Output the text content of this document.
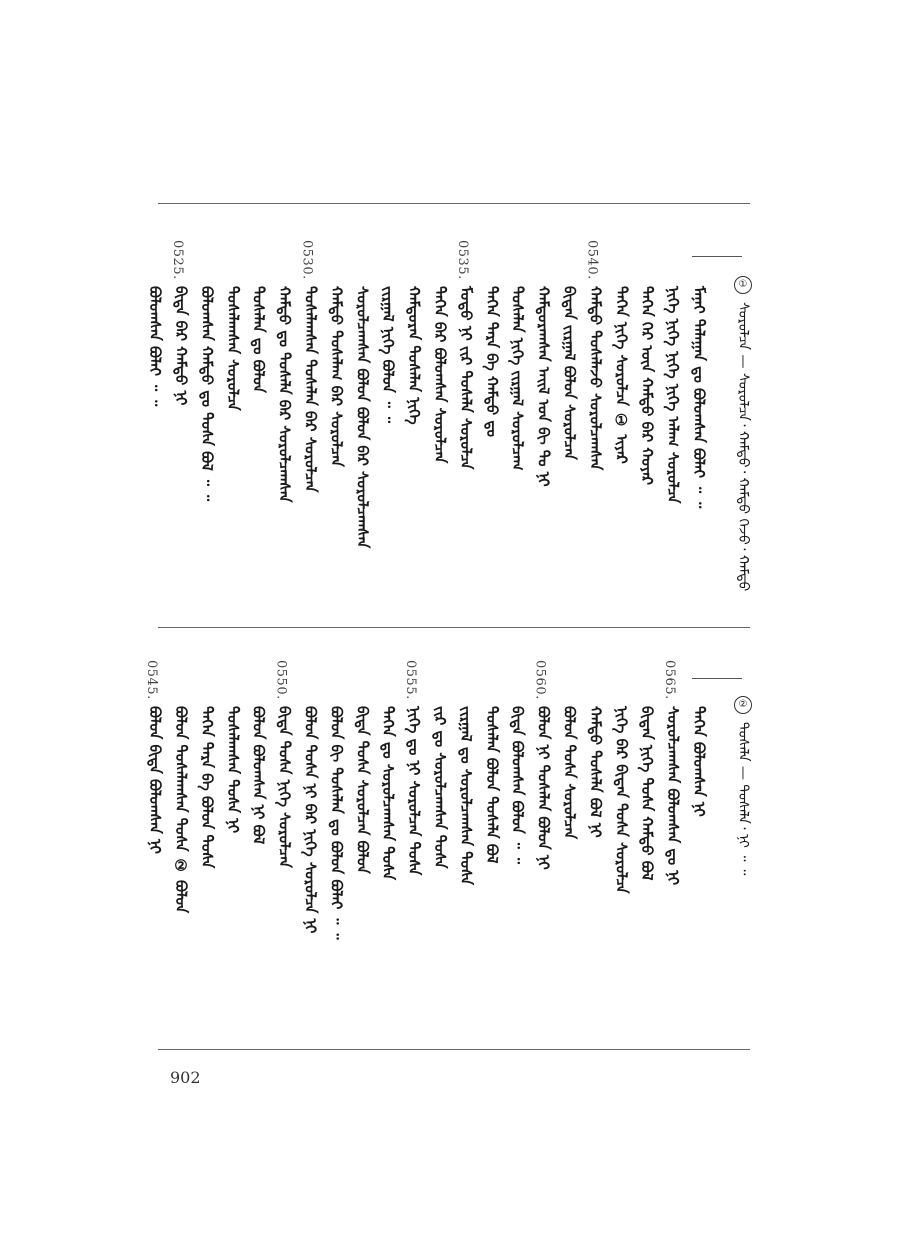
①
ᠰᠤᠷᠤᠯᠴᠠ — ᠰᠤᠷᠤᠯᠴᠠ᠂ ᠬᠠᠮᠲᠤ᠂ ᠬᠠᠮᠲᠤ ᠭᠡᠵᠦ᠂ ᠬᠠᠮᠲᠤ
ᠮᠠᠨᠠᠢ ᠲᠠᠯᠠᠭᠠᠨ ᠳᠤ ᠪᠣᠯᠤᠭᠰᠠᠨ ᠪᠣᠯᠠᠢ ᠃ ᠃
ᠨᠢᠭᠡ ᠨᠢᠭᠡ ᠨᠢᠭᠡ ᠨᠢᠭᠡ ᠠᠯᠠᠭ ᠰᠤᠷᠤᠯᠴᠠ
ᠲᠡᠭᠡᠨ ᠭᠡᠷ ᠦᠨ ᠬᠠᠮᠲᠤ ᠪᠡᠷ ᠬᠣᠶᠠᠷ
ᠲᠡᠭᠡᠨ ᠨᠢᠭᠡ ᠰᠤᠷᠤᠯᠴᠠ ① ᠢᠶᠠᠷ
0540.
ᠬᠠᠮᠲᠤ ᠲᠤᠰᠠᠯᠠᠵᠤ ᠰᠤᠷᠤᠯᠴᠠᠭᠰᠠᠨ
ᠪᠢᠳᠡᠨ ᠵᠢᠷᠭᠠᠯ ᠪᠣᠯᠤᠨ ᠰᠤᠷᠤᠯᠴᠠᠨ
ᠬᠠᠮᠲᠤᠷᠠᠭᠰᠠᠨ ᠠᠢᠯ ᠤᠨ ᠪᠢ ᠲᠤ ᠨᠢ
ᠲᠤᠰᠠᠯᠠᠨ ᠨᠢᠭᠡ ᠵᠢᠷᠭᠠᠯ ᠰᠤᠷᠤᠯᠴᠠᠭ
ᠲᠡᠭᠡᠨ ᠲᠡᠷᠡ ᠪᠡ ᠬᠠᠮᠲᠤ ᠳᠤ
0535.
ᠮᠣᠳᠤ ᠨᠢ ᠵᠢᠷ ᠲᠤᠰᠠᠯᠠ ᠰᠤᠷᠤᠯᠴᠠ
ᠲᠡᠭᠡᠨ ᠪᠡᠷ ᠪᠣᠯᠤᠭᠰᠠᠨ ᠰᠤᠷᠤᠯᠴᠠᠨ
ᠬᠠᠮᠲᠤᠷᠠᠨ ᠲᠤᠰᠠᠯᠠᠨ ᠨᠢᠭᠡ
ᠵᠢᠷᠭᠠᠯ ᠨᠢᠭᠡ ᠪᠣᠯᠤᠨ ᠃ ᠃
ᠰᠤᠷᠤᠯᠴᠠᠭᠰᠠᠨ ᠪᠣᠯᠤᠨ ᠪᠣᠯᠤᠨ ᠪᠡᠷ ᠰᠤᠷᠤᠯᠴᠠᠭᠰᠠᠨ
ᠬᠠᠮᠲᠤ ᠲᠤᠰᠠᠯᠠᠭ ᠪᠡᠷ ᠰᠤᠷᠤᠯᠴᠠᠨ
0530.
ᠲᠤᠰᠠᠯᠠᠭᠰᠠᠨ ᠲᠤᠰᠠᠯᠠᠨ ᠪᠡᠷ ᠰᠤᠷᠤᠯᠴᠠᠨ
ᠬᠠᠮᠲᠤ ᠳᠤ ᠲᠤᠰᠠᠯᠠ ᠪᠡᠷ ᠰᠤᠷᠤᠯᠴᠠᠭᠰᠠᠨ
ᠲᠤᠰᠠᠯᠠᠨ ᠳᠤ ᠪᠣᠯᠤᠨ
ᠲᠤᠰᠠᠯᠠᠭᠰᠠᠨ ᠰᠤᠷᠤᠯᠴᠠ
ᠪᠣᠯᠤᠭᠰᠠᠨ ᠬᠠᠮᠲᠤ ᠳᠤ ᠲᠤᠰᠠ ᠪᠣᠯ ᠃ ᠃
0525.
ᠪᠢᠳᠡ ᠪᠡᠷ ᠬᠠᠮᠲᠤ ᠨᠢ
ᠪᠣᠯᠤᠭᠰᠠᠨ ᠪᠣᠯᠠᠢ ᠃ ᠃
②
ᠲᠤᠰᠠᠯᠠ — ᠲᠤᠰᠠᠯᠠ᠂ ᠨᠢ ᠃ ᠃
ᠲᠡᠭᠡᠨ ᠪᠣᠯᠤᠭᠰᠠᠨ ᠨᠢ
0565.
ᠰᠤᠷᠤᠯᠴᠠᠭᠰᠠᠨ ᠪᠣᠯᠤᠭᠰᠠᠨ ᠳᠤ ᠨᠢ
ᠪᠢᠳᠡᠨ ᠨᠢᠭᠡ ᠲᠤᠰᠠ ᠬᠠᠮᠲᠤ ᠪᠣᠯ
ᠨᠢᠭᠡ ᠪᠡᠷ ᠪᠢᠳᠡᠨ ᠲᠤᠰᠠ ᠰᠤᠷᠤᠯᠴᠠ
ᠬᠠᠮᠲᠤ ᠲᠤᠰᠠᠯᠠ ᠪᠣᠯ ᠨᠢ
ᠪᠣᠯᠤᠨ ᠲᠤᠰᠠ ᠰᠤᠷᠤᠯᠴᠠᠨ
0560.
ᠪᠣᠯᠤᠨ ᠨᠢ ᠲᠤᠰᠠᠯᠠᠨ ᠪᠣᠯᠤᠨ ᠨᠢ
ᠪᠢᠳᠡ ᠪᠣᠯᠤᠭᠰᠠᠨ ᠪᠣᠯᠤᠨ ᠃ ᠃
ᠲᠤᠰᠠᠯᠠᠨ ᠪᠣᠯᠤᠨ ᠲᠤᠰᠠᠯᠠ ᠪᠣᠯ
ᠵᠢᠷᠭᠠᠯ ᠳᠤ ᠰᠤᠷᠤᠯᠴᠠᠭᠰᠠᠨ ᠲᠤᠰᠠ
ᠵᠢᠷ ᠳᠤ ᠰᠤᠷᠤᠯᠴᠠᠭᠰᠠᠨ ᠲᠤᠰᠠ
0555.
ᠨᠢᠭᠡ ᠳᠤ ᠨᠢ ᠰᠤᠷᠤᠯᠴᠠᠨ ᠲᠤᠰᠠ
ᠲᠡᠭᠡᠨ ᠳᠤ ᠰᠤᠷᠤᠯᠴᠠᠭᠰᠠᠨ ᠲᠤᠰᠠ
ᠪᠢᠳᠡ ᠲᠤᠰᠠ ᠰᠤᠷᠤᠯᠴᠠᠨ ᠪᠣᠯᠤᠨ
ᠪᠣᠯᠤᠨ ᠪᠢ ᠲᠤᠰᠠᠯᠠᠨ ᠳᠤ ᠪᠣᠯᠤᠨ ᠪᠣᠯᠠᠢ ᠃ ᠃
ᠪᠣᠯᠤᠨ ᠲᠤᠰᠠ ᠨᠢ ᠪᠡᠷ ᠨᠢᠭᠡ ᠰᠤᠷᠤᠯᠴᠠ ᠨᠢ
0550.
ᠪᠢᠳᠡ ᠲᠤᠰᠠ ᠨᠢᠭᠡ ᠰᠤᠷᠤᠯᠴᠠᠨ
ᠪᠣᠯᠤᠨ ᠪᠣᠯᠤᠭᠰᠠᠨ ᠨᠢ ᠪᠣᠯ
ᠲᠤᠰᠠᠯᠠᠭᠰᠠᠨ ᠲᠤᠰᠠ ᠨᠢ
ᠲᠡᠭᠡᠨ ᠲᠡᠷᠡ ᠪᠡ ᠪᠣᠯᠤᠨ ᠲᠤᠰᠠ
ᠪᠣᠯᠤᠨ ᠲᠤᠰᠠᠯᠠᠭᠰᠠᠨ ᠲᠤᠰᠠ ② ᠪᠣᠯᠤᠨ
0545.
ᠪᠣᠯᠤᠨ ᠪᠢᠳᠡ ᠪᠣᠯᠤᠭᠰᠠᠨ ᠨᠢ
902
